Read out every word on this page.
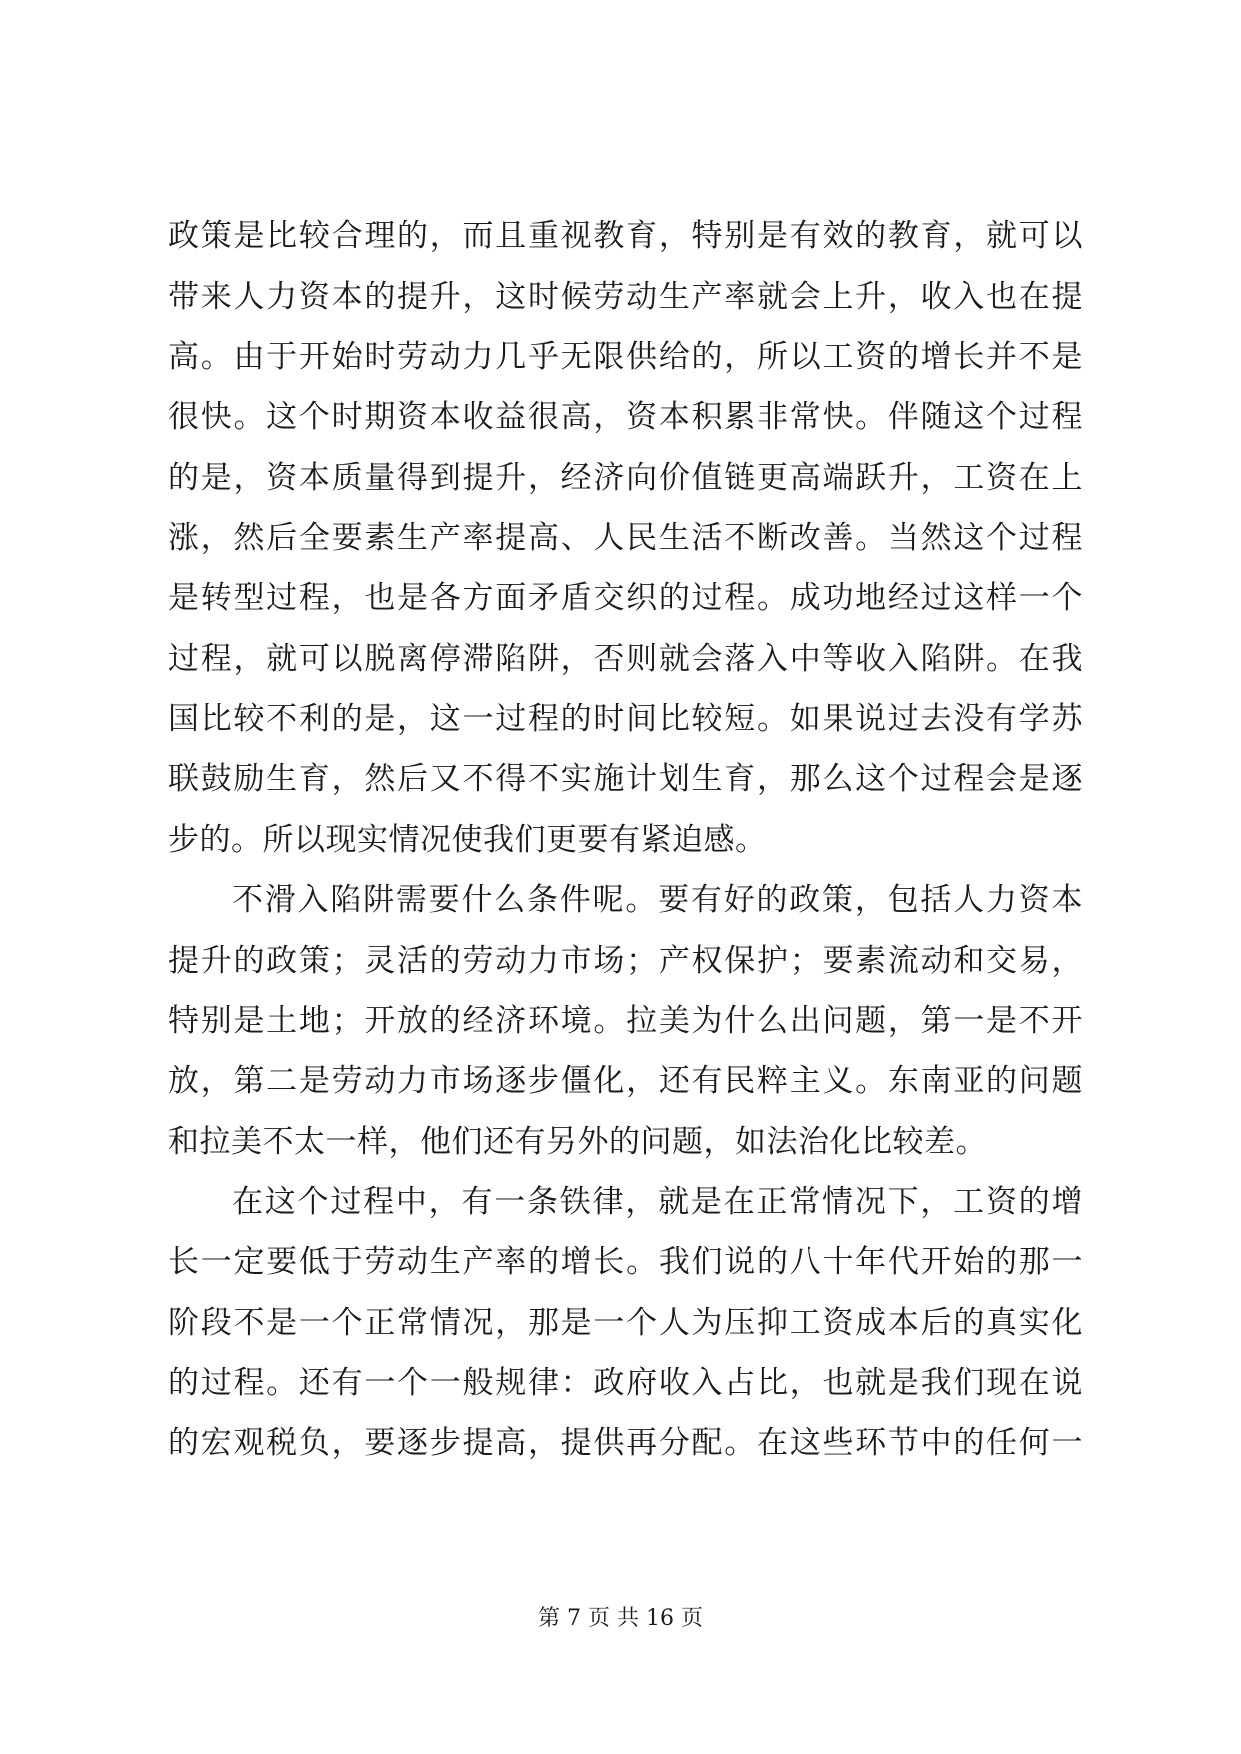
政策是比较合理的，而且重视教育，特别是有效的教育，就可以
带来人力资本的提升，这时候劳动生产率就会上升，收入也在提
高。由于开始时劳动力几乎无限供给的，所以工资的增长并不是
很快。这个时期资本收益很高，资本积累非常快。伴随这个过程
的是，资本质量得到提升，经济向价值链更高端跃升，工资在上
涨，然后全要素生产率提高、人民生活不断改善。当然这个过程
是转型过程，也是各方面矛盾交织的过程。成功地经过这样一个
过程，就可以脱离停滞陷阱，否则就会落入中等收入陷阱。在我
国比较不利的是，这一过程的时间比较短。如果说过去没有学苏
联鼓励生育，然后又不得不实施计划生育，那么这个过程会是逐
步的。所以现实情况使我们更要有紧迫感。
不滑入陷阱需要什么条件呢。要有好的政策，包括人力资本
提升的政策；灵活的劳动力市场；产权保护；要素流动和交易，
特别是土地；开放的经济环境。拉美为什么出问题，第一是不开
放，第二是劳动力市场逐步僵化，还有民粹主义。东南亚的问题
和拉美不太一样，他们还有另外的问题，如法治化比较差。
在这个过程中，有一条铁律，就是在正常情况下，工资的增
长一定要低于劳动生产率的增长。我们说的八十年代开始的那一
阶段不是一个正常情况，那是一个人为压抑工资成本后的真实化
的过程。还有一个一般规律：政府收入占比，也就是我们现在说
的宏观税负，要逐步提高，提供再分配。在这些环节中的任何一
第 7 页 共 16 页
